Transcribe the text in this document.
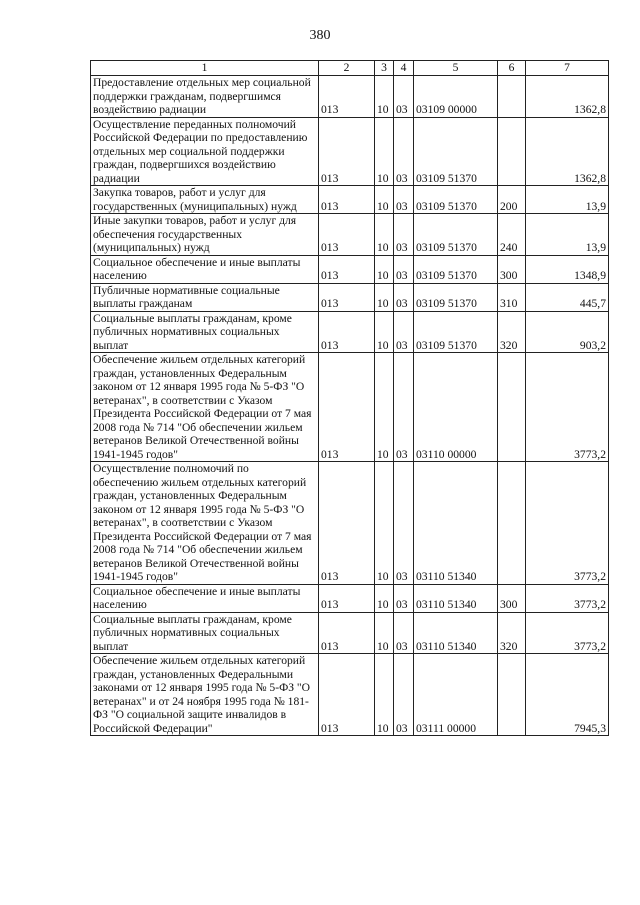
380
1	2	3	4	5	6	7
Предоставление отдельных мер социальной поддержки гражданам, подвергшимся воздействию радиации	013	10	03	03109 00000		1362,8
Осуществление переданных полномочий Российской Федерации по предоставлению отдельных мер социальной поддержки граждан, подвергшихся воздействию радиации	013	10	03	03109 51370		1362,8
Закупка товаров, работ и услуг для государственных (муниципальных) нужд	013	10	03	03109 51370	200	13,9
Иные закупки товаров, работ и услуг для обеспечения государственных (муниципальных) нужд	013	10	03	03109 51370	240	13,9
Социальное обеспечение и иные выплаты населению	013	10	03	03109 51370	300	1348,9
Публичные нормативные социальные выплаты гражданам	013	10	03	03109 51370	310	445,7
Социальные выплаты гражданам, кроме публичных нормативных социальных выплат	013	10	03	03109 51370	320	903,2
Обеспечение жильем отдельных категорий граждан, установленных Федеральным законом от 12 января 1995 года № 5-ФЗ "О ветеранах", в соответствии с Указом Президента Российской Федерации от 7 мая 2008 года № 714 "Об обеспечении жильем ветеранов Великой Отечественной войны 1941-1945 годов"	013	10	03	03110 00000		3773,2
Осуществление полномочий по обеспечению жильем отдельных категорий граждан, установленных Федеральным законом от 12 января 1995 года № 5-ФЗ "О ветеранах", в соответствии с Указом Президента Российской Федерации от 7 мая 2008 года № 714 "Об обеспечении жильем ветеранов Великой Отечественной войны 1941-1945 годов"	013	10	03	03110 51340		3773,2
Социальное обеспечение и иные выплаты населению	013	10	03	03110 51340	300	3773,2
Социальные выплаты гражданам, кроме публичных нормативных социальных выплат	013	10	03	03110 51340	320	3773,2
Обеспечение жильем отдельных категорий граждан, установленных Федеральными законами от 12 января 1995 года № 5-ФЗ "О ветеранах" и от 24 ноября 1995 года № 181-ФЗ "О социальной защите инвалидов в Российской Федерации"	013	10	03	03111 00000		7945,3
